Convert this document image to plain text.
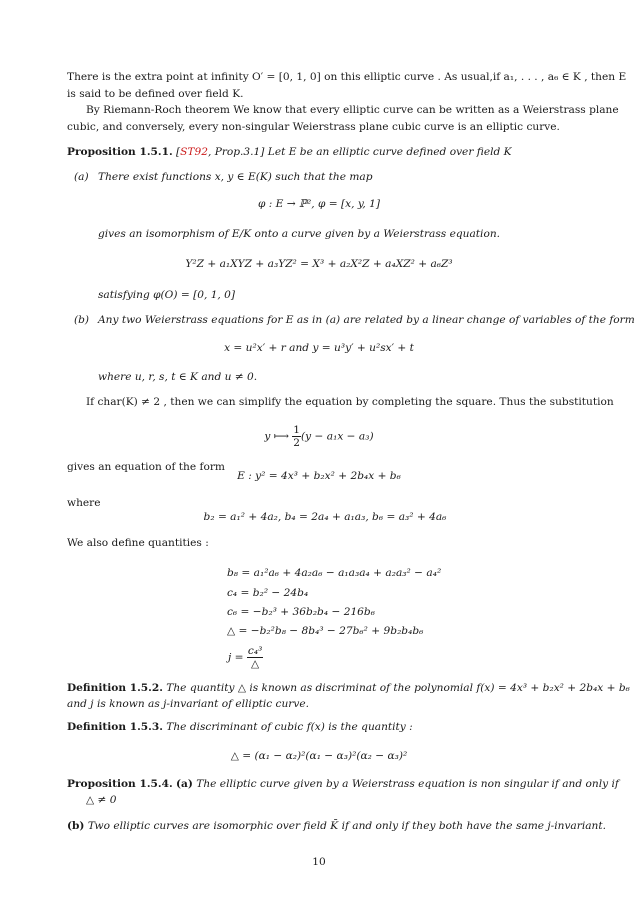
There is the extra point at infinity O′ = [0, 1, 0] on this elliptic curve . As usual,if a₁, . . . , a₆ ∈ K , then E
is said to be defined over field K.
By Riemann-Roch theorem We know that every elliptic curve can be written as a Weierstrass plane
cubic, and conversely, every non-singular Weierstrass plane cubic curve is an elliptic curve.
Proposition 1.5.1. [ST92, Prop.3.1] Let E be an elliptic curve defined over field K
(a) There exist functions x, y ∈ E(K) such that the map
φ : E → ℙ², φ = [x, y, 1]
gives an isomorphism of E/K onto a curve given by a Weierstrass equation.
Y²Z + a₁XYZ + a₃YZ² = X³ + a₂X²Z + a₄XZ² + a₆Z³
satisfying φ(O) = [0, 1, 0]
(b) Any two Weierstrass equations for E as in (a) are related by a linear change of variables of the form
x = u²x′ + r and y = u³y′ + u²sx′ + t
where u, r, s, t ∈ K and u ≠ 0.
If char(K) ≠ 2 , then we can simplify the equation by completing the square. Thus the substitution
y ⟼ $\frac{1}{2} (y - a_1x - a_3)$
gives an equation of the form
E : y² = 4x³ + b₂x² + 2b₄x + b₆
where
b₂ = a₁² + 4a₂, b₄ = 2a₄ + a₁a₃, b₆ = a₃² + 4a₆
We also define quantities :
b₈ = a₁²a₆ + 4a₂a₆ − a₁a₃a₄ + a₂a₃² − a₄²
c₄ = b₂² − 24b₄
c₆ = −b₂³ + 36b₂b₄ − 216b₆
△ = −b₂²b₈ − 8b₄³ − 27b₆² + 9b₂b₄b₆
$j = \frac{\text{c₄³}}{\triangle}$
Definition 1.5.2. The quantity △ is known as discriminat of the polynomial f(x) = 4x³ + b₂x² + 2b₄x + b₆
and j is known as j-invariant of elliptic curve.
Definition 1.5.3. The discriminant of cubic f(x) is the quantity :
△ = (α₁ − α₂)²(α₁ − α₃)²(α₂ − α₃)²
Proposition 1.5.4. (a) The elliptic curve given by a Weierstrass equation is non singular if and only if
△ ≠ 0
(b) Two elliptic curves are isomorphic over field K̄ if and only if they both have the same j-invariant.
10
